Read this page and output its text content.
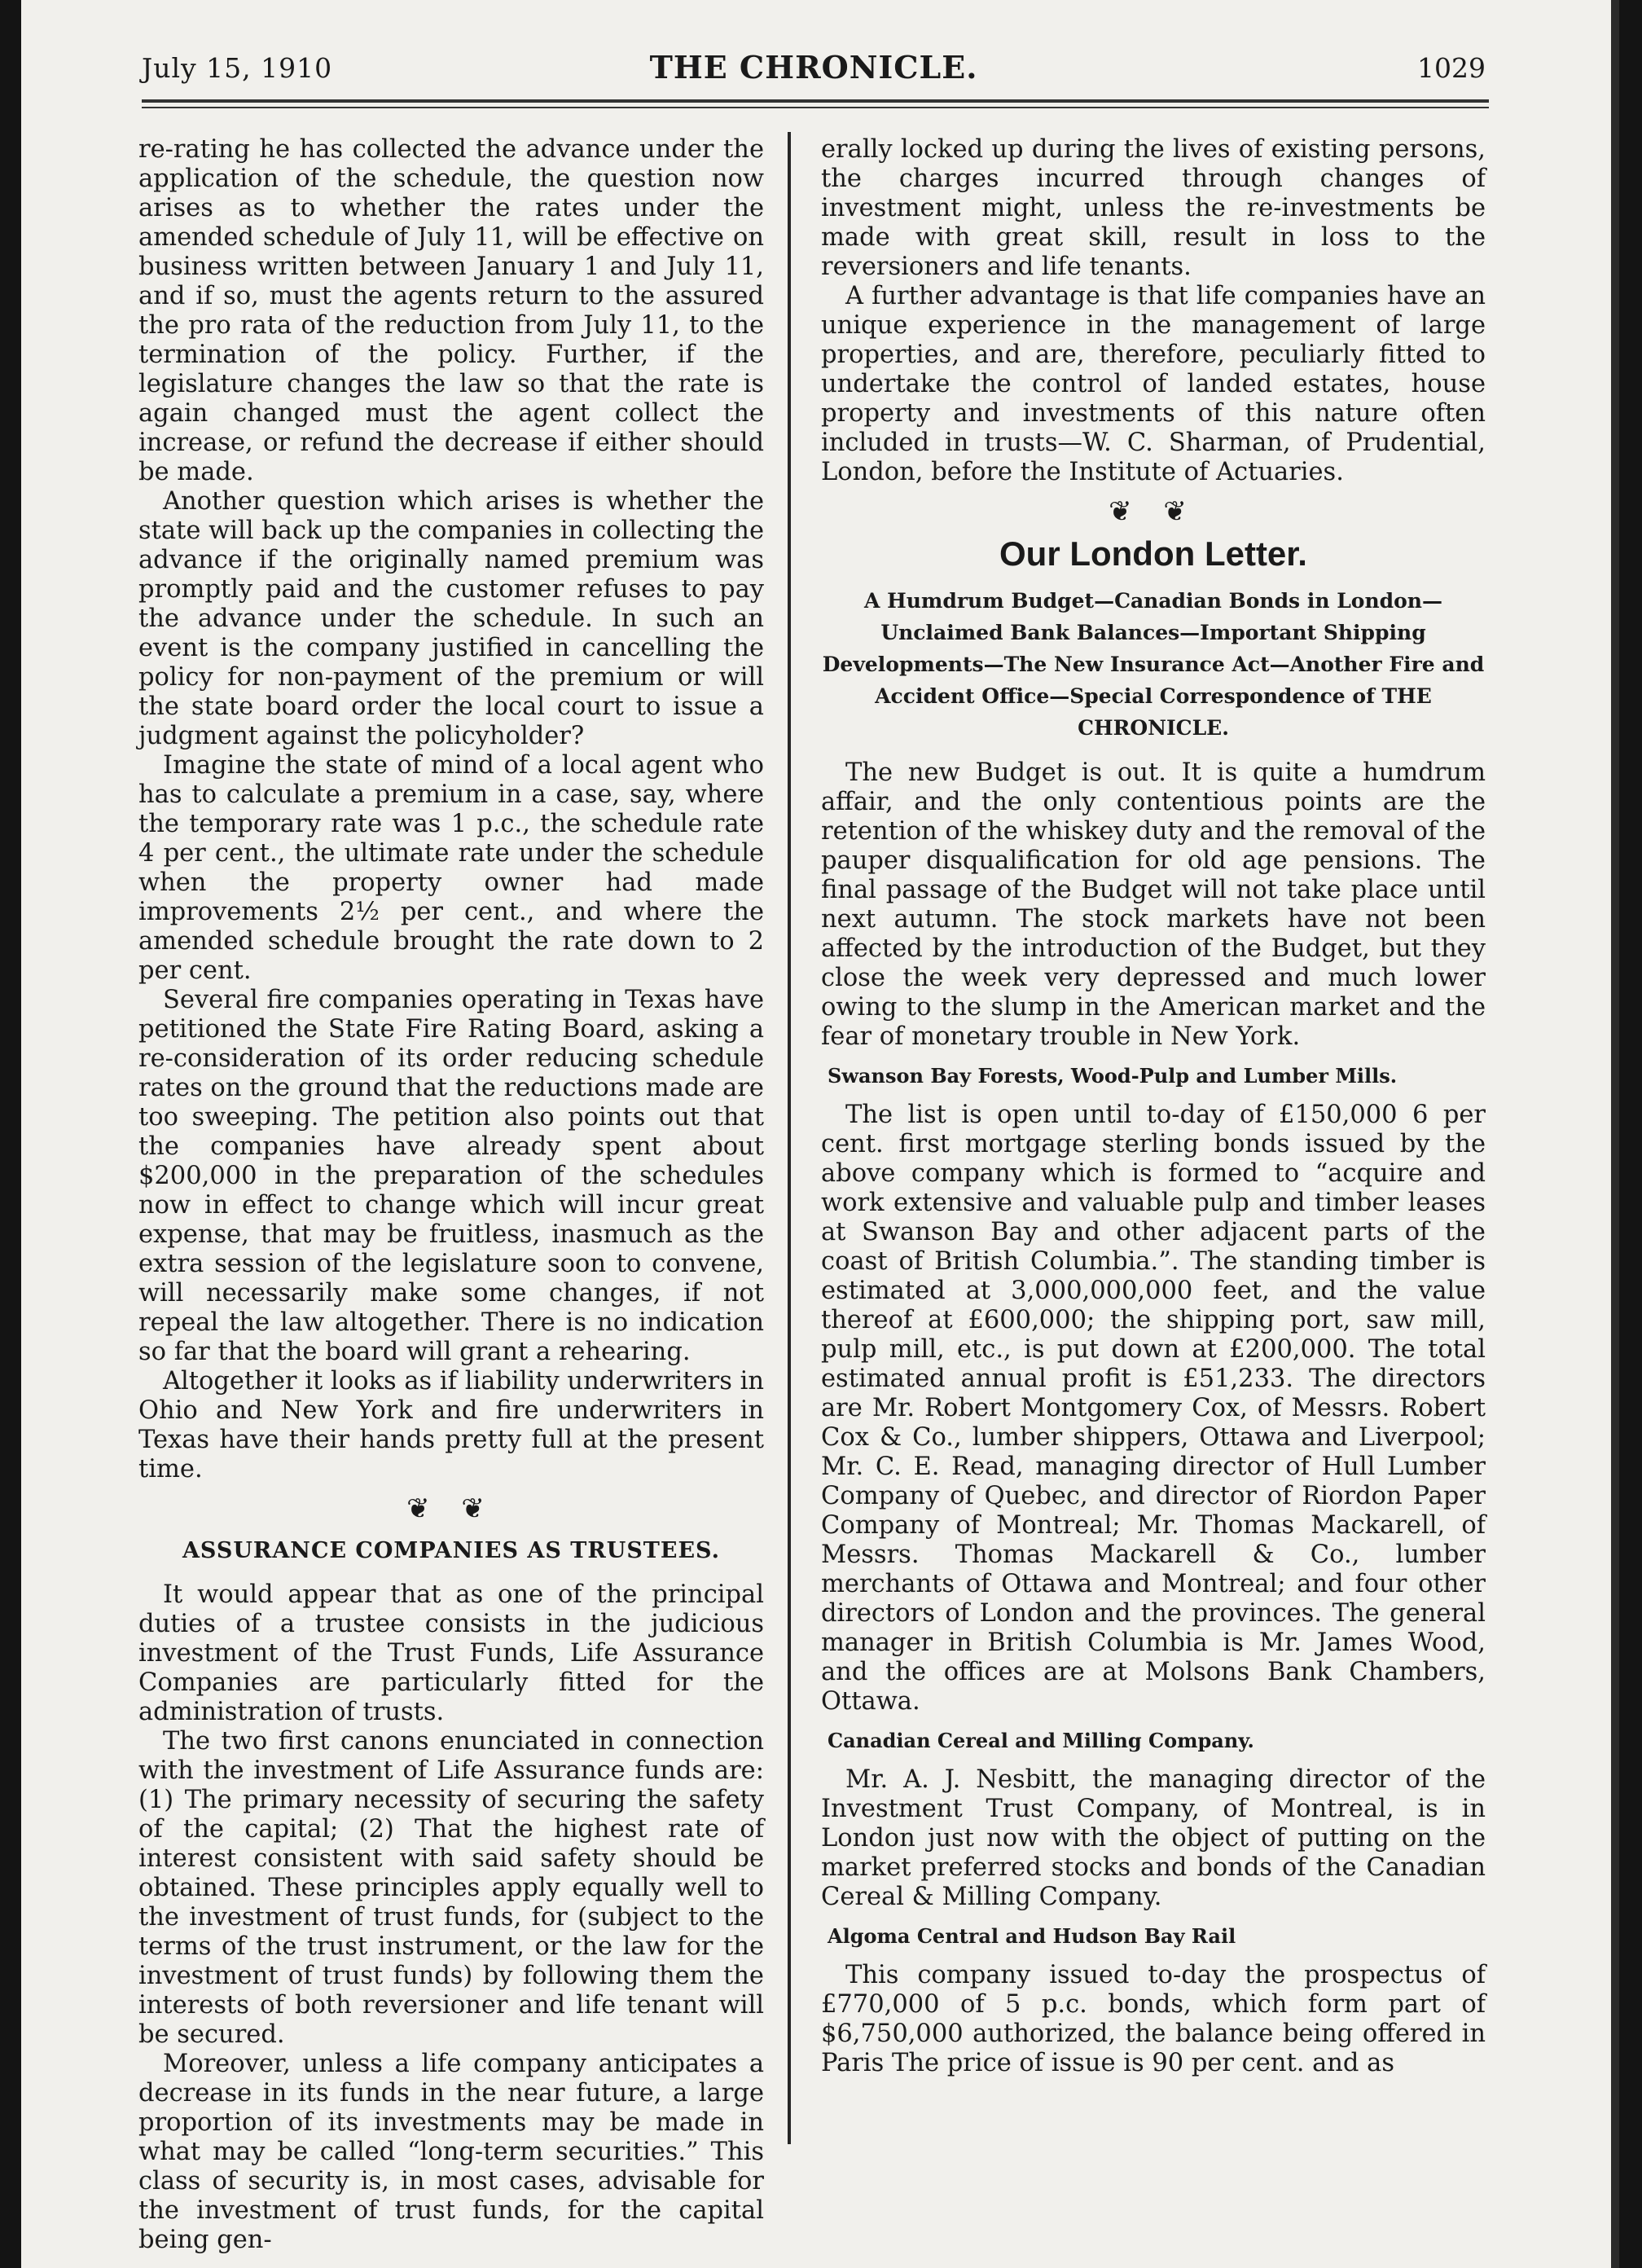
July 15, 1910	THE CHRONICLE.	1029

re-rating he has collected the advance under the application of the schedule, the question now arises as to whether the rates under the amended schedule of July 11, will be effective on business written between January 1 and July 11, and if so, must the agents return to the assured the pro rata of the reduction from July 11, to the termination of the policy. Further, if the legislature changes the law so that the rate is again changed must the agent collect the increase, or refund the decrease if either should be made.

Another question which arises is whether the state will back up the companies in collecting the advance if the originally named premium was promptly paid and the customer refuses to pay the advance under the schedule. In such an event is the company justified in cancelling the policy for non-payment of the premium or will the state board order the local court to issue a judgment against the policyholder?

Imagine the state of mind of a local agent who has to calculate a premium in a case, say, where the temporary rate was 1 p.c., the schedule rate 4 per cent., the ultimate rate under the schedule when the property owner had made improvements 2½ per cent., and where the amended schedule brought the rate down to 2 per cent.

Several fire companies operating in Texas have petitioned the State Fire Rating Board, asking a re-consideration of its order reducing schedule rates on the ground that the reductions made are too sweeping. The petition also points out that the companies have already spent about $200,000 in the preparation of the schedules now in effect to change which will incur great expense, that may be fruitless, inasmuch as the extra session of the legislature soon to convene, will necessarily make some changes, if not repeal the law altogether. There is no indication so far that the board will grant a rehearing.

Altogether it looks as if liability underwriters in Ohio and New York and fire underwriters in Texas have their hands pretty full at the present time.

❦ ❦
ASSURANCE COMPANIES AS TRUSTEES.

It would appear that as one of the principal duties of a trustee consists in the judicious investment of the Trust Funds, Life Assurance Companies are particularly fitted for the administration of trusts.

The two first canons enunciated in connection with the investment of Life Assurance funds are: (1) The primary necessity of securing the safety of the capital; (2) That the highest rate of interest consistent with said safety should be obtained. These principles apply equally well to the investment of trust funds, for (subject to the terms of the trust instrument, or the law for the investment of trust funds) by following them the interests of both reversioner and life tenant will be secured.

Moreover, unless a life company anticipates a decrease in its funds in the near future, a large proportion of its investments may be made in what may be called “long-term securities.” This class of security is, in most cases, advisable for the investment of trust funds, for the capital being gen-

erally locked up during the lives of existing persons, the charges incurred through changes of investment might, unless the re-investments be made with great skill, result in loss to the reversioners and life tenants.

A further advantage is that life companies have an unique experience in the management of large properties, and are, therefore, peculiarly fitted to undertake the control of landed estates, house property and investments of this nature often included in trusts—W. C. Sharman, of Prudential, London, before the Institute of Actuaries.

❦ ❦
Our London Letter.
A Humdrum Budget—Canadian Bonds in London—Unclaimed Bank Balances—Important Shipping Developments—The New Insurance Act—Another Fire and Accident Office—Special Correspondence of THE CHRONICLE.

The new Budget is out. It is quite a humdrum affair, and the only contentious points are the retention of the whiskey duty and the removal of the pauper disqualification for old age pensions. The final passage of the Budget will not take place until next autumn. The stock markets have not been affected by the introduction of the Budget, but they close the week very depressed and much lower owing to the slump in the American market and the fear of monetary trouble in New York.

Swanson Bay Forests, Wood-Pulp and Lumber Mills.

The list is open until to-day of £150,000 6 per cent. first mortgage sterling bonds issued by the above company which is formed to “acquire and work extensive and valuable pulp and timber leases at Swanson Bay and other adjacent parts of the coast of British Columbia.”. The standing timber is estimated at 3,000,000,000 feet, and the value thereof at £600,000; the shipping port, saw mill, pulp mill, etc., is put down at £200,000. The total estimated annual profit is £51,233. The directors are Mr. Robert Montgomery Cox, of Messrs. Robert Cox & Co., lumber shippers, Ottawa and Liverpool; Mr. C. E. Read, managing director of Hull Lumber Company of Quebec, and director of Riordon Paper Company of Montreal; Mr. Thomas Mackarell, of Messrs. Thomas Mackarell & Co., lumber merchants of Ottawa and Montreal; and four other directors of London and the provinces. The general manager in British Columbia is Mr. James Wood, and the offices are at Molsons Bank Chambers, Ottawa.

Canadian Cereal and Milling Company.

Mr. A. J. Nesbitt, the managing director of the Investment Trust Company, of Montreal, is in London just now with the object of putting on the market preferred stocks and bonds of the Canadian Cereal & Milling Company.

Algoma Central and Hudson Bay Rail

This company issued to-day the prospectus of £770,000 of 5 p.c. bonds, which form part of $6,750,000 authorized, the balance being offered in Paris The price of issue is 90 per cent. and as
